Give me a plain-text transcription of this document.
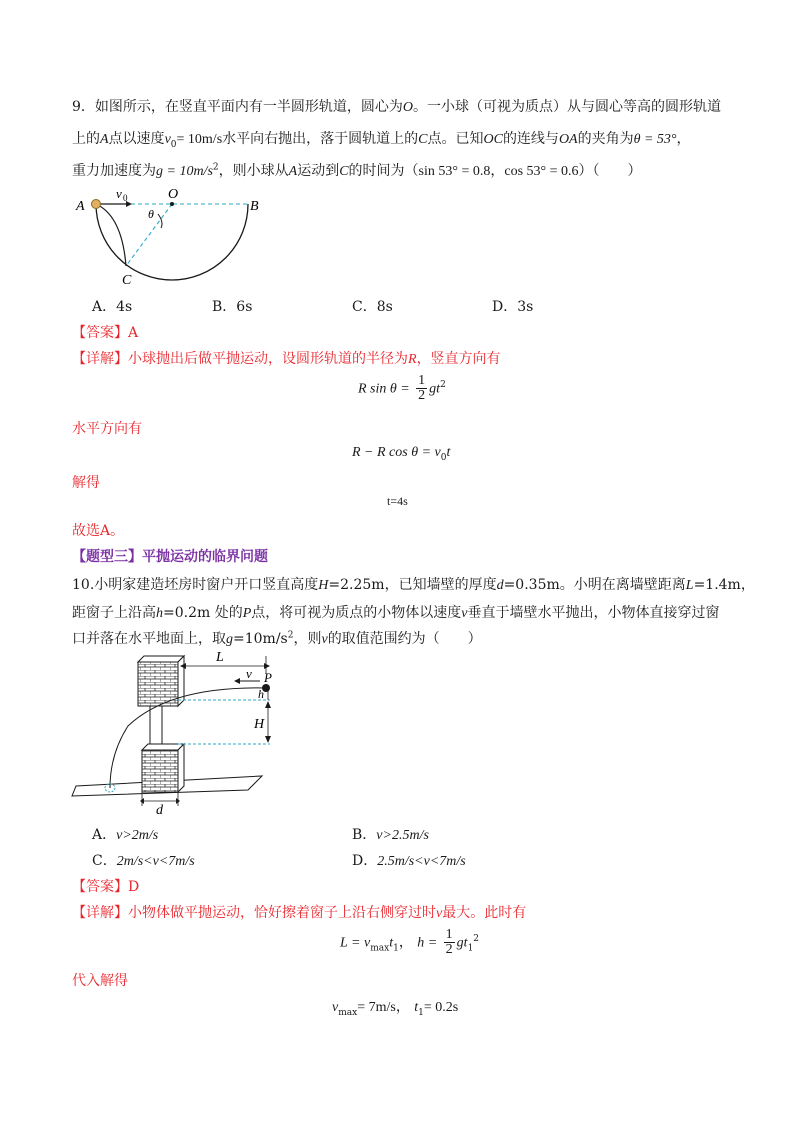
9．如图所示，在竖直平面内有一半圆形轨道，圆心为O。一小球（可视为质点）从与圆心等高的圆形轨道
上的A点以速度$v_0= 10m/s$水平向右抛出，落于圆轨道上的C点。已知OC的连线与OA的夹角为θ = 53°，
重力加速度为$g = 10m/s^2$，则小球从A运动到C的时间为（sin 53° = 0.8，cos 53° = 0.6）（　　）
A	B
C
O
v 0
θ
A．4s	B．6s	C．8s	D．3s
【答案】A
【详解】小球抛出后做平抛运动，设圆形轨道的半径为R，竖直方向有
R $\sin \theta = \frac{1}{2} gt^2$
水平方向有
R − R $\cos \theta = v_0t$
解得
t=4s
故选A。
【题型三】平抛运动的临界问题
10.小明家建造坯房时窗户开口竖直高度H=2.25m，已知墙壁的厚度d=0.35m。小明在离墙壁距离L=1.4m，
距窗子上沿高h=0.2m 处的P点，将可视为质点的小物体以速度v垂直于墙壁水平抛出，小物体直接穿过窗
口并落在水平地面上，取$g=10m/s^2$，则v的取值范围约为（　　）
L
P
v
h
H
d
A．v>2m/s	B．v>2.5m/s
C．2m/s<v<7m/s	D．2.5m/s<v<7m/s
【答案】D
【详解】小物体做平抛运动，恰好擦着窗子上沿右侧穿过时v最大。此时有
$L = v_{max}t_1$， $h = \frac{1}{2} gt_1^2$
代入解得
$v_{max}= 7m/s$， $t_1= 0.2s$
